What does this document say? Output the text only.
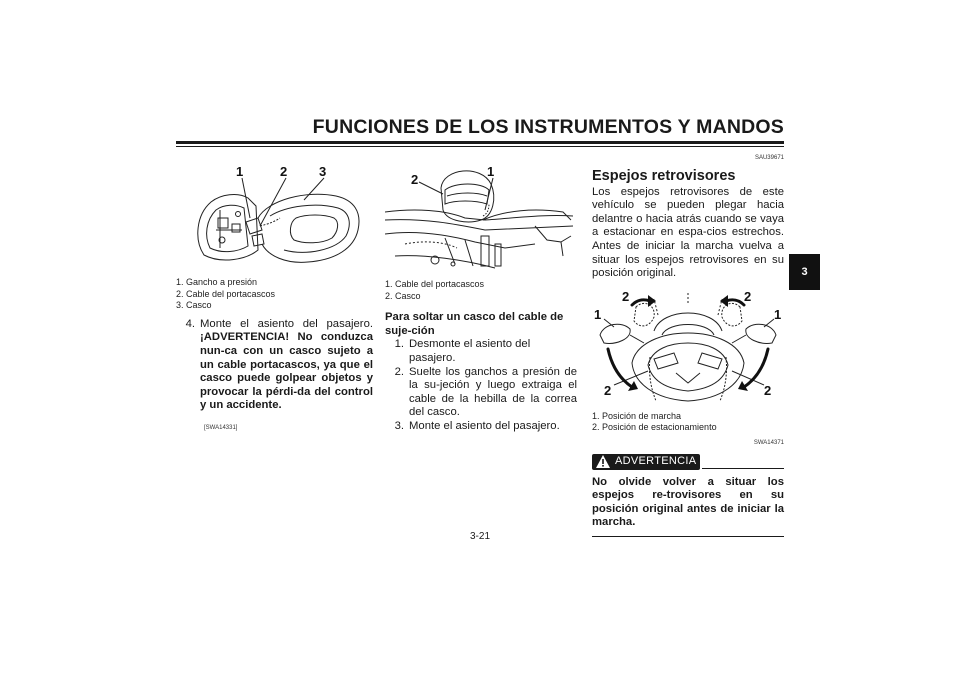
FUNCIONES DE LOS INSTRUMENTOS Y MANDOS
3
1	2 3
1. Gancho a presión
2. Cable del portacascos
3. Casco
4. Monte el asiento del pasajero. ¡ADVERTENCIA! No conduzca nun-ca con un casco sujeto a un cable portacascos, ya que el casco puede golpear objetos y provocar la pérdi-da del control y un accidente.
[SWA14331]
2
1
1. Cable del portacascos
2. Casco
Para soltar un casco del cable de suje-ción
1. Desmonte el asiento del pasajero.
2. Suelte los ganchos a presión de la su-jeción y luego extraiga el cable de la hebilla de la correa del casco.
3. Monte el asiento del pasajero.
SAU39671
Espejos retrovisores
Los espejos retrovisores de este vehículo se pueden plegar hacia delantre o hacia atrás cuando se vaya a estacionar en espa-cios estrechos. Antes de iniciar la marcha vuelva a situar los espejos retrovisores en su posición original.
2	2
1	1
2	2
1. Posición de marcha
2. Posición de estacionamiento
SWA14371
ADVERTENCIA
No olvide volver a situar los espejos re-trovisores en su posición original antes de iniciar la marcha.
3-21
